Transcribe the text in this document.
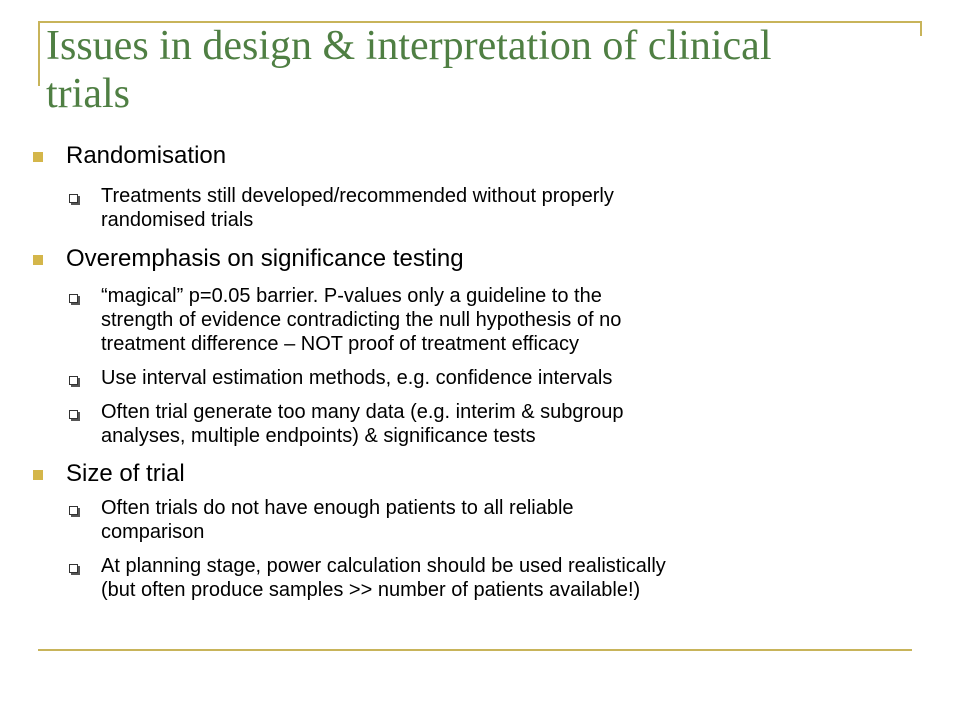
Issues in design & interpretation of clinical
trials
Randomisation
Treatments still developed/recommended without properly
randomised trials
Overemphasis on significance testing
“magical” p=0.05 barrier. P-values only a guideline to the
strength of evidence contradicting the null hypothesis of no
treatment difference – NOT proof of treatment efficacy
Use interval estimation methods, e.g. confidence intervals
Often trial generate too many data (e.g. interim & subgroup
analyses, multiple endpoints) & significance tests
Size of trial
Often trials do not have enough patients to all reliable
comparison
At planning stage, power calculation should be used realistically
(but often produce samples >> number of patients available!)
